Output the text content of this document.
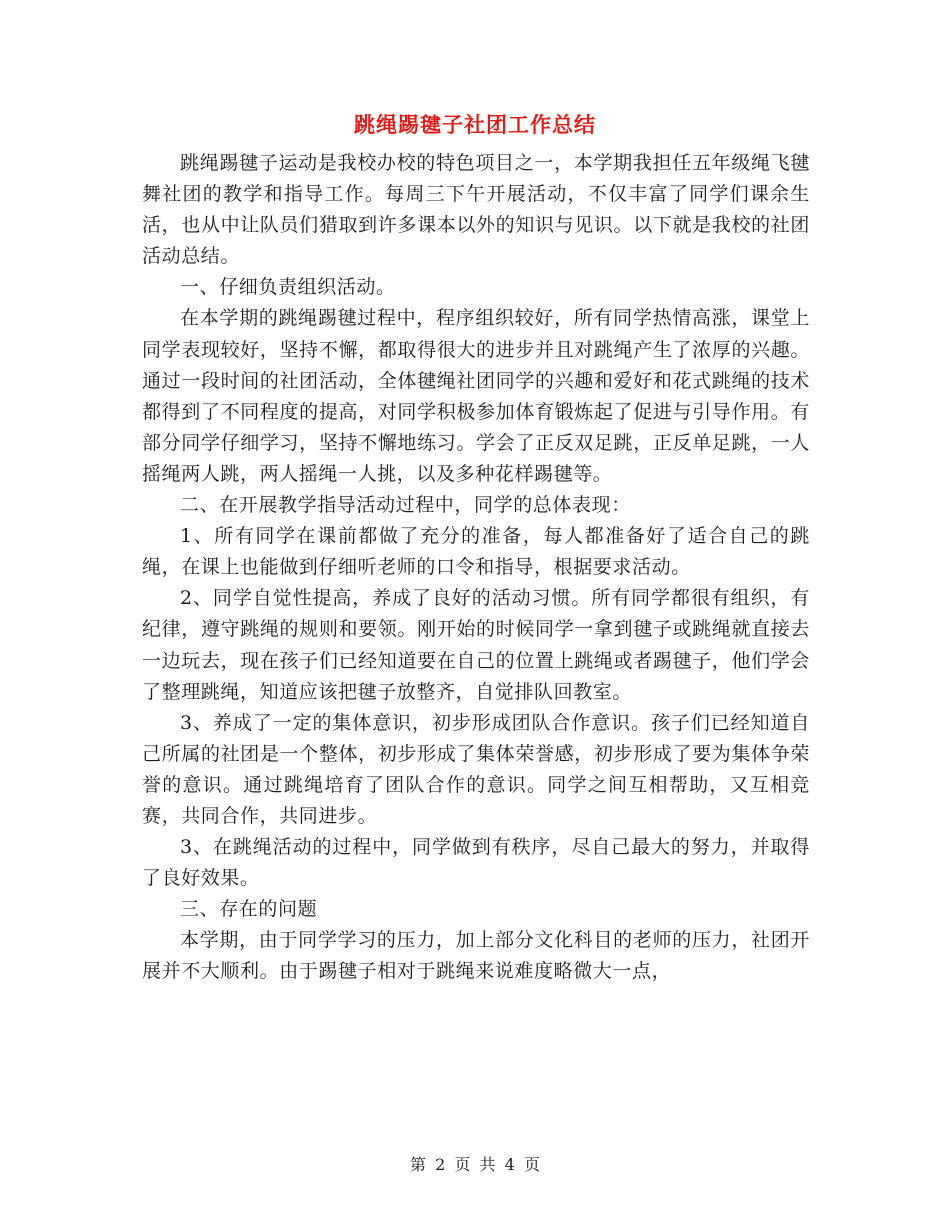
跳绳踢毽子社团工作总结

跳绳踢毽子运动是我校办校的特色项目之一，本学期我担任五年级绳飞毽舞社团的教学和指导工作。每周三下午开展活动，不仅丰富了同学们课余生活，也从中让队员们猎取到许多课本以外的知识与见识。以下就是我校的社团活动总结。

一、仔细负责组织活动。

在本学期的跳绳踢毽过程中，程序组织较好，所有同学热情高涨，课堂上同学表现较好，坚持不懈，都取得很大的进步并且对跳绳产生了浓厚的兴趣。通过一段时间的社团活动，全体毽绳社团同学的兴趣和爱好和花式跳绳的技术都得到了不同程度的提高，对同学积极参加体育锻炼起了促进与引导作用。有部分同学仔细学习，坚持不懈地练习。学会了正反双足跳，正反单足跳，一人摇绳两人跳，两人摇绳一人挑，以及多种花样踢毽等。

二、在开展教学指导活动过程中，同学的总体表现：

1、所有同学在课前都做了充分的准备，每人都准备好了适合自己的跳绳，在课上也能做到仔细听老师的口令和指导，根据要求活动。

2、同学自觉性提高，养成了良好的活动习惯。所有同学都很有组织，有纪律，遵守跳绳的规则和要领。刚开始的时候同学一拿到毽子或跳绳就直接去一边玩去，现在孩子们已经知道要在自己的位置上跳绳或者踢毽子，他们学会了整理跳绳，知道应该把毽子放整齐，自觉排队回教室。

3、养成了一定的集体意识，初步形成团队合作意识。孩子们已经知道自己所属的社团是一个整体，初步形成了集体荣誉感，初步形成了要为集体争荣誉的意识。通过跳绳培育了团队合作的意识。同学之间互相帮助，又互相竞赛，共同合作，共同进步。

3、在跳绳活动的过程中，同学做到有秩序，尽自己最大的努力，并取得了良好效果。

三、存在的问题

本学期，由于同学学习的压力，加上部分文化科目的老师的压力，社团开展并不大顺利。由于踢毽子相对于跳绳来说难度略微大一点，

第 2 页 共 4 页
